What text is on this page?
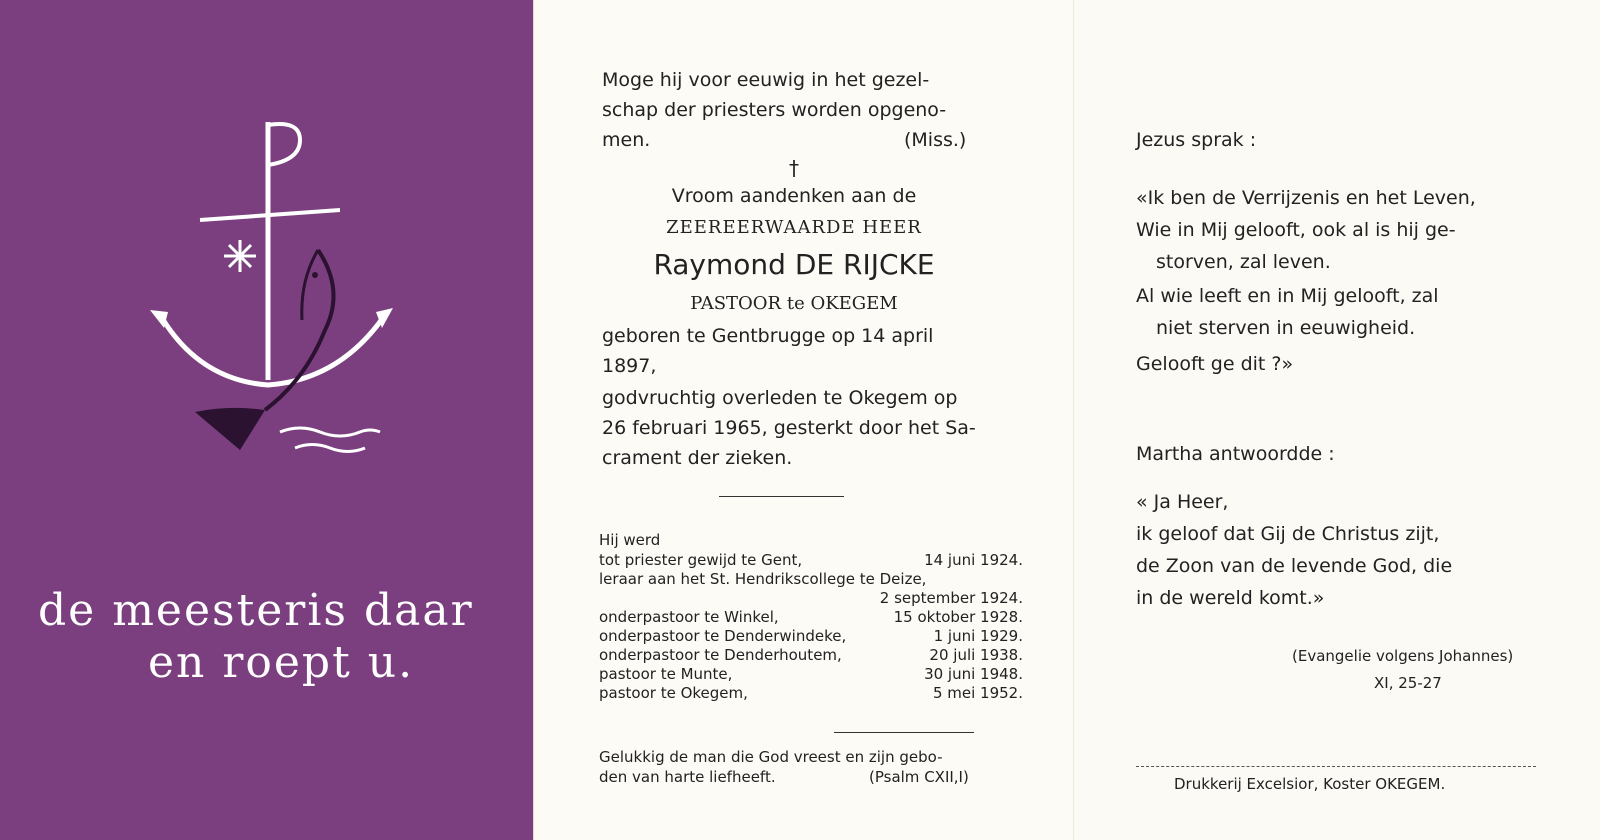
de meesteris daar
en roept u.
Moge hij voor eeuwig in het gezel-
schap der priesters worden opgeno-
men.	(Miss.)
†
Vroom aandenken aan de
ZEEREERWAARDE HEER
Raymond DE RIJCKE
PASTOOR te OKEGEM
geboren te Gentbrugge op 14 april
1897,
godvruchtig overleden te Okegem op
26 februari 1965, gesterkt door het Sa-
crament der zieken.
Hij werd
tot priester gewijd te Gent,	14 juni 1924.
leraar aan het St. Hendrikscollege te Deize,
2 september 1924.
onderpastoor te Winkel,	15 oktober 1928.
onderpastoor te Denderwindeke,	1 juni 1929.
onderpastoor te Denderhoutem,	20 juli 1938.
pastoor te Munte,	30 juni 1948.
pastoor te Okegem,	5 mei 1952.
Gelukkig de man die God vreest en zijn gebo-
den van harte liefheeft.	(Psalm CXII,I)
Jezus sprak :
«Ik ben de Verrijzenis en het Leven,
Wie in Mij gelooft, ook al is hij ge-
storven, zal leven.
Al wie leeft en in Mij gelooft, zal
niet sterven in eeuwigheid.
Gelooft ge dit ?»
Martha antwoordde :
« Ja Heer,
ik geloof dat Gij de Christus zijt,
de Zoon van de levende God, die
in de wereld komt.»
(Evangelie volgens Johannes)
XI, 25-27
Drukkerij Excelsior, Koster OKEGEM.
